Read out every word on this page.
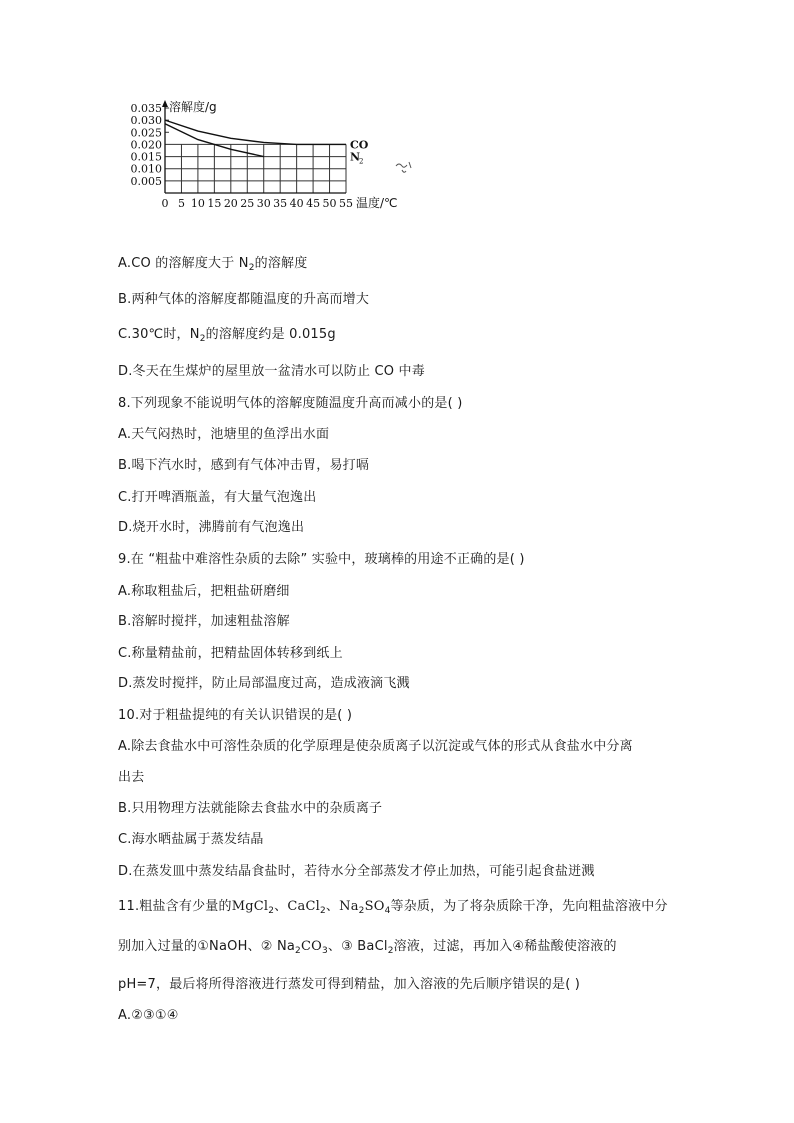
0.005
0.010
0.015
0.020
0.025
0.030
0.035
0 5 10 15 20 25 30 35 40 45 50 55
溶解度/g
温度/℃
CO
N
2
A.CO 的溶解度大于 $N_2$的溶解度
B.两种气体的溶解度都随温度的升高而增大
C.30℃时，$N_2$的溶解度约是 0.015g
D.冬天在生煤炉的屋里放一盆清水可以防止 CO 中毒
8.下列现象不能说明气体的溶解度随温度升高而减小的是( )
A.天气闷热时，池塘里的鱼浮出水面
B.喝下汽水时，感到有气体冲击胃，易打嗝
C.打开啤酒瓶盖，有大量气泡逸出
D.烧开水时，沸腾前有气泡逸出
9.在 “粗盐中难溶性杂质的去除” 实验中，玻璃棒的用途不正确的是( )
A.称取粗盐后，把粗盐研磨细
B.溶解时搅拌，加速粗盐溶解
C.称量精盐前，把精盐固体转移到纸上
D.蒸发时搅拌，防止局部温度过高，造成液滴飞溅
10.对于粗盐提纯的有关认识错误的是( )
A.除去食盐水中可溶性杂质的化学原理是使杂质离子以沉淀或气体的形式从食盐水中分离
出去
B.只用物理方法就能除去食盐水中的杂质离子
C.海水晒盐属于蒸发结晶
D.在蒸发皿中蒸发结晶食盐时，若待水分全部蒸发才停止加热，可能引起食盐迸溅
11.粗盐含有少量的MgCl$_2$、CaCl$_2$、$Na_2SO_4$等杂质，为了将杂质除干净，先向粗盐溶液中分
别加入过量的①NaOH、② $Na_2CO_3$、③ BaCl$_2$溶液，过滤，再加入④稀盐酸使溶液的
pH=7，最后将所得溶液进行蒸发可得到精盐，加入溶液的先后顺序错误的是( )
A.②③①④
